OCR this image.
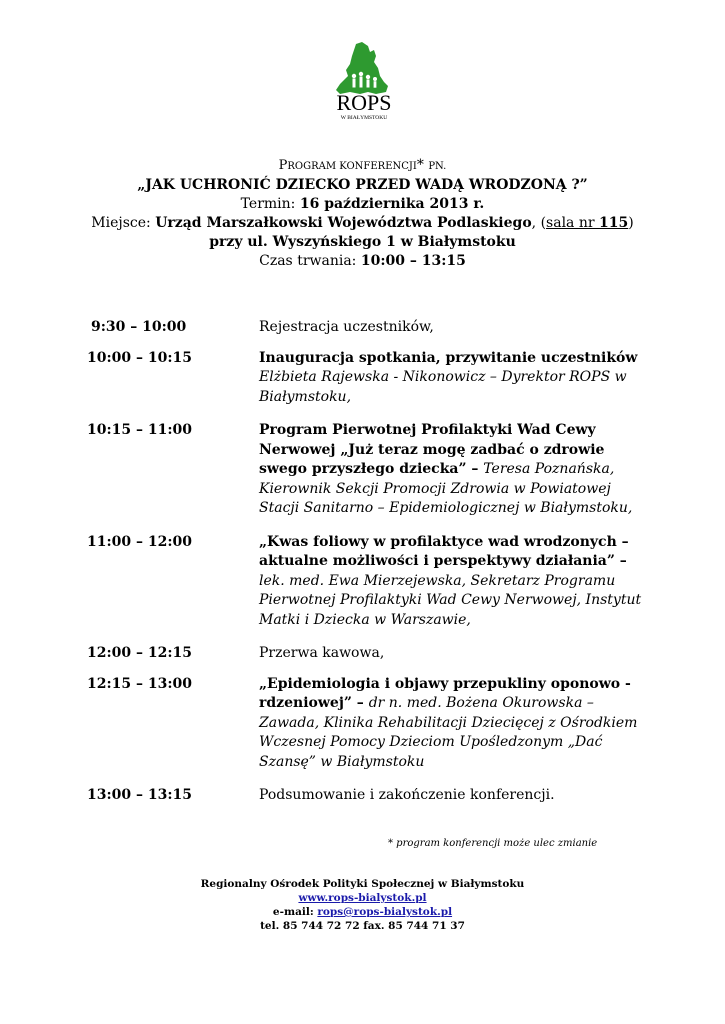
ROPS
W BIAŁYMSTOKU
PROGRAM KONFERENCJI* PN.
„JAK UCHRONIĆ DZIECKO PRZED WADĄ WRODZONĄ ?”
Termin: 16 października 2013 r.
Miejsce: Urząd Marszałkowski Województwa Podlaskiego, (sala nr 115)
przy ul. Wyszyńskiego 1 w Białymstoku
Czas trwania: 10:00 – 13:15
9:30 – 10:00	Rejestracja uczestników,
10:00 – 10:15	Inauguracja spotkania, przywitanie uczestników
Elżbieta Rajewska - Nikonowicz – Dyrektor ROPS w Białymstoku,
10:15 – 11:00	Program Pierwotnej Profilaktyki Wad Cewy Nerwowej „Już teraz mogę zadbać o zdrowie swego przyszłego dziecka” – Teresa Poznańska, Kierownik Sekcji Promocji Zdrowia w Powiatowej Stacji Sanitarno – Epidemiologicznej w Białymstoku,
11:00 – 12:00	„Kwas foliowy w profilaktyce wad wrodzonych – aktualne możliwości i perspektywy działania” – lek. med. Ewa Mierzejewska, Sekretarz Programu Pierwotnej Profilaktyki Wad Cewy Nerwowej, Instytut Matki i Dziecka w Warszawie,
12:00 – 12:15	Przerwa kawowa,
12:15 – 13:00	„Epidemiologia i objawy przepukliny oponowo - rdzeniowej” – dr n. med. Bożena Okurowska – Zawada, Klinika Rehabilitacji Dziecięcej z Ośrodkiem Wczesnej Pomocy Dzieciom Upośledzonym „Dać Szansę” w Białymstoku
13:00 – 13:15	Podsumowanie i zakończenie konferencji.
* program konferencji może ulec zmianie
Regionalny Ośrodek Polityki Społecznej w Białymstoku
www.rops-bialystok.pl
e-mail: rops@rops-bialystok.pl
tel. 85 744 72 72 fax. 85 744 71 37
